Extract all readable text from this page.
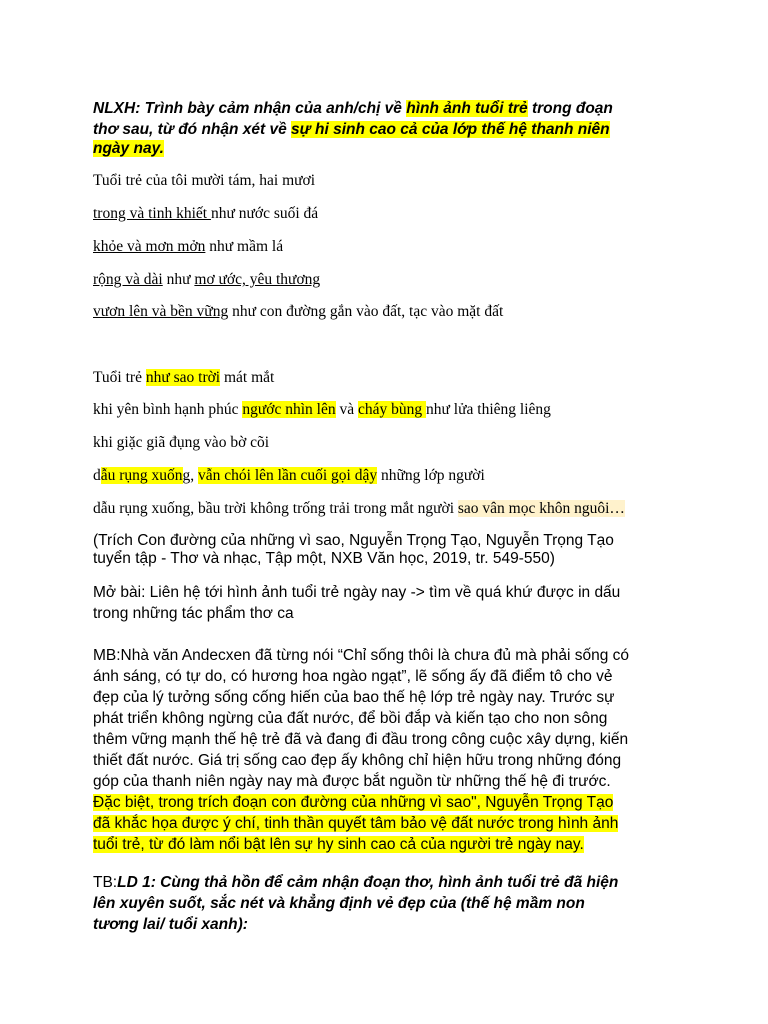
NLXH: Trình bày cảm nhận của anh/chị về hình ảnh tuổi trẻ trong đoạn
thơ sau, từ đó nhận xét về sự hi sinh cao cả của lớp thế hệ thanh niên
ngày nay.
Tuổi trẻ của tôi mười tám, hai mươi
trong và tinh khiết như nước suối đá
khỏe và mơn mởn như mầm lá
rộng và dài như mơ ước, yêu thương
vươn lên và bền vững như con đường gắn vào đất, tạc vào mặt đất
Tuổi trẻ như sao trời mát mắt
khi yên bình hạnh phúc ngước nhìn lên và cháy bùng như lửa thiêng liêng
khi giặc giã đụng vào bờ cõi
dẫu rụng xuống, vẫn chói lên lần cuối gọi dậy những lớp người
dẫu rụng xuống, bầu trời không trống trải trong mắt người sao vân mọc khôn nguôi…
(Trích Con đường của những vì sao, Nguyễn Trọng Tạo, Nguyễn Trọng Tạo
tuyển tập - Thơ và nhạc, Tập một, NXB Văn học, 2019, tr. 549-550)
Mở bài: Liên hệ tới hình ảnh tuổi trẻ ngày nay -> tìm về quá khứ được in dấu
trong những tác phẩm thơ ca
MB:Nhà văn Andecxen đã từng nói “Chỉ sống thôi là chưa đủ mà phải sống có
ánh sáng, có tự do, có hương hoa ngào ngạt”, lẽ sống ấy đã điểm tô cho vẻ
đẹp của lý tưởng sống cống hiến của bao thế hệ lớp trẻ ngày nay. Trước sự
phát triển không ngừng của đất nước, để bồi đắp và kiến tạo cho non sông
thêm vững mạnh thế hệ trẻ đã và đang đi đầu trong công cuộc xây dựng, kiến
thiết đất nước. Giá trị sống cao đẹp ấy không chỉ hiện hữu trong những đóng
góp của thanh niên ngày nay mà được bắt nguồn từ những thế hệ đi trước.
Đặc biệt, trong trích đoạn con đường của những vì sao", Nguyễn Trọng Tạo
đã khắc họa được ý chí, tinh thần quyết tâm bảo vệ đất nước trong hình ảnh
tuổi trẻ, từ đó làm nổi bật lên sự hy sinh cao cả của người trẻ ngày nay.
TB:LD 1: Cùng thả hồn để cảm nhận đoạn thơ, hình ảnh tuổi trẻ đã hiện
lên xuyên suốt, sắc nét và khẳng định vẻ đẹp của (thế hệ mầm non
tương lai/ tuổi xanh):
